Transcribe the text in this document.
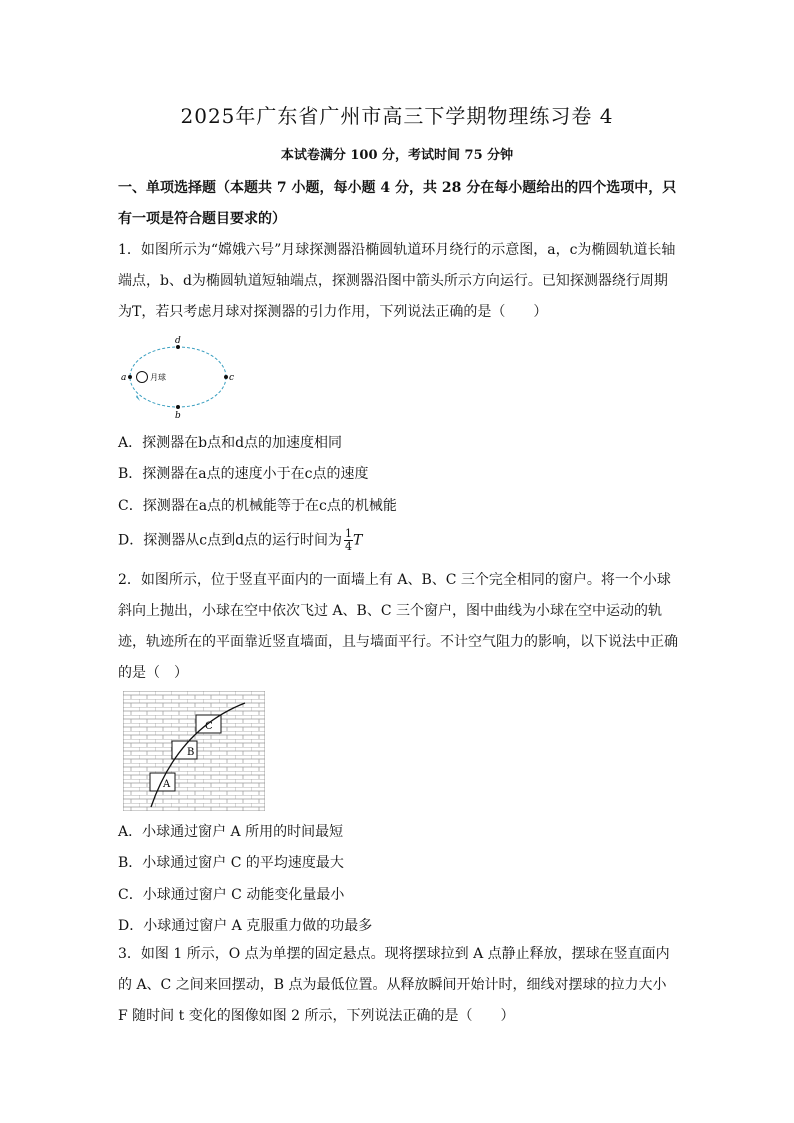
2025年广东省广州市高三下学期物理练习卷 4
本试卷满分 100 分，考试时间 75 分钟
一、单项选择题（本题共 7 小题，每小题 4 分，共 28 分在每小题给出的四个选项中，只有一项是符合题目要求的）
1．如图所示为“嫦娥六号”月球探测器沿椭圆轨道环月绕行的示意图，a，c为椭圆轨道长轴端点，b、d为椭圆轨道短轴端点，探测器沿图中箭头所示方向运行。已知探测器绕行周期为T，若只考虑月球对探测器的引力作用，下列说法正确的是（　　）
a	c
d
b
月球
A．探测器在b点和d点的加速度相同
B．探测器在a点的速度小于在c点的速度
C．探测器在a点的机械能等于在c点的机械能
D．探测器从c点到d点的运行时间为 $\frac{1}{4}$ T
2．如图所示，位于竖直平面内的一面墙上有 A、B、C 三个完全相同的窗户。将一个小球斜向上抛出，小球在空中依次飞过 A、B、C 三个窗户，图中曲线为小球在空中运动的轨迹，轨迹所在的平面靠近竖直墙面，且与墙面平行。不计空气阻力的影响，以下说法中正确的是（　）
C
B
A
A．小球通过窗户 A 所用的时间最短
B．小球通过窗户 C 的平均速度最大
C．小球通过窗户 C 动能变化量最小
D．小球通过窗户 A 克服重力做的功最多
3．如图 1 所示，O 点为单摆的固定悬点。现将摆球拉到 A 点静止释放，摆球在竖直面内的 A、C 之间来回摆动，B 点为最低位置。从释放瞬间开始计时，细线对摆球的拉力大小 F 随时间 t 变化的图像如图 2 所示，下列说法正确的是（　　）
